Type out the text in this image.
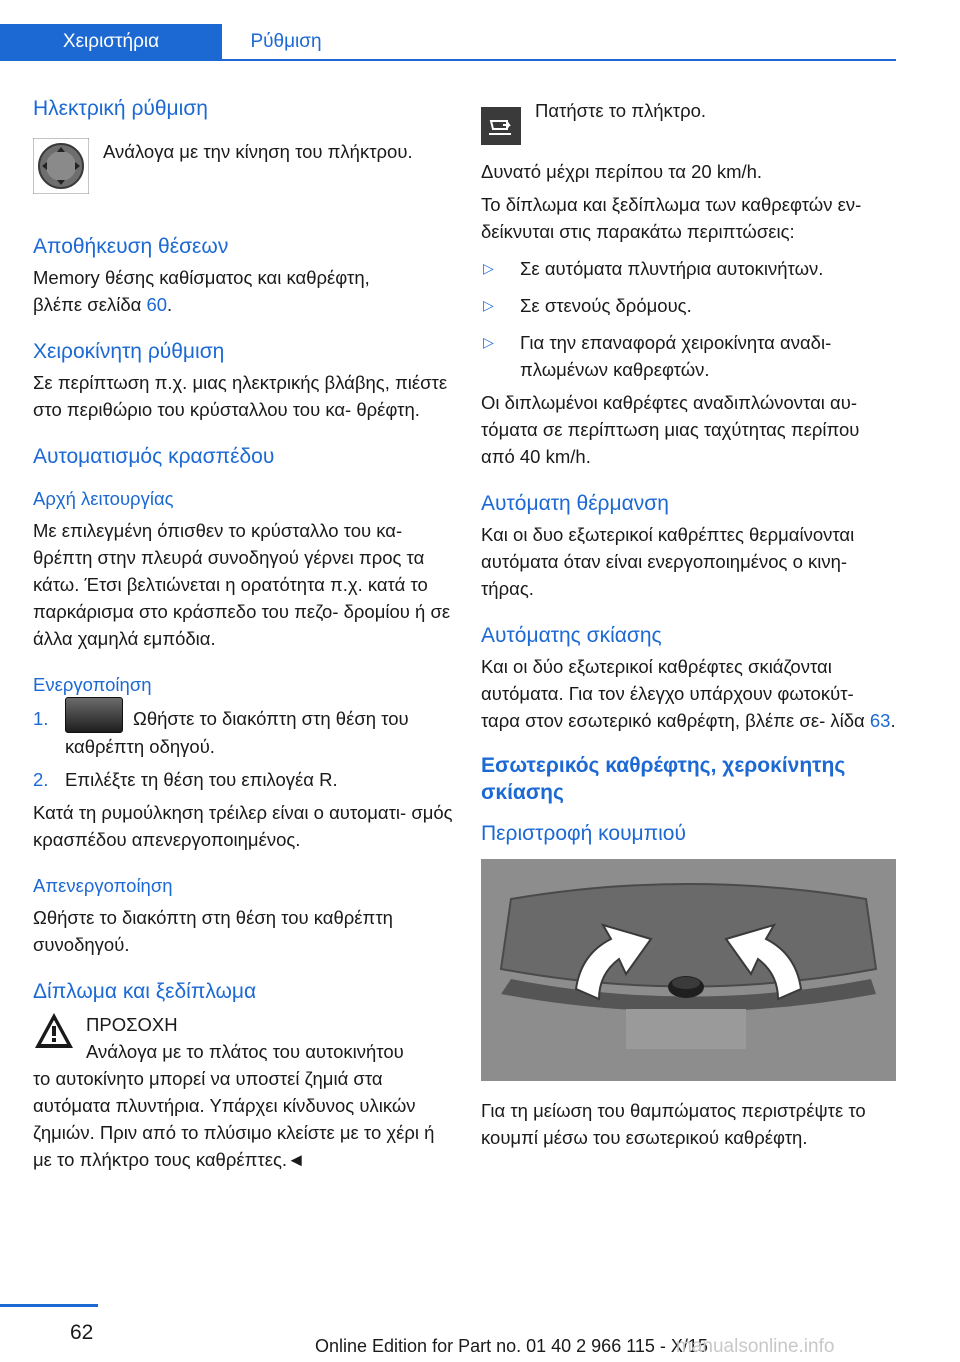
Χειριστήρια	Ρύθμιση
Ηλεκτρική ρύθμιση
Ανάλογα με την κίνηση του πλήκτρου.
Αποθήκευση θέσεων
Memory θέσης καθίσματος και καθρέφτη,
βλέπε σελίδα 60.
Χειροκίνητη ρύθμιση
Σε περίπτωση π.χ. μιας ηλεκτρικής βλάβης, πιέστε στο περιθώριο του κρύσταλλου του κα‐ θρέφτη.
Αυτοματισμός κρασπέδου
Αρχή λειτουργίας
Με επιλεγμένη όπισθεν το κρύσταλλο του κα‐ θρέπτη στην πλευρά συνοδηγού γέρνει προς τα κάτω. Έτσι βελτιώνεται η ορατότητα π.χ. κατά το παρκάρισμα στο κράσπεδο του πεζο‐ δρομίου ή σε άλλα χαμηλά εμπόδια.
Ενεργοποίηση
1.	Ωθήστε το διακόπτη στη θέση του καθρέπτη οδηγού.
2. Επιλέξτε τη θέση του επιλογέα R.
Κατά τη ρυμούλκηση τρέιλερ είναι ο αυτοματι‐ σμός κρασπέδου απενεργοποιημένος.
Απενεργοποίηση
Ωθήστε το διακόπτη στη θέση του καθρέπτη συνοδηγού.
Δίπλωμα και ξεδίπλωμα
ΠΡΟΣΟΧΗ
Ανάλογα με το πλάτος του αυτοκινήτου
το αυτοκίνητο μπορεί να υποστεί ζημιά στα αυτόματα πλυντήρια. Υπάρχει κίνδυνος υλικών ζημιών. Πριν από το πλύσιμο κλείστε με το χέρι ή με το πλήκτρο τους καθρέπτες.◄
Πατήστε το πλήκτρο.
Δυνατό μέχρι περίπου τα 20 km/h.
Το δίπλωμα και ξεδίπλωμα των καθρεφτών εν‐ δείκνυται στις παρακάτω περιπτώσεις:
▷	Σε αυτόματα πλυντήρια αυτοκινήτων.
▷	Σε στενούς δρόμους.
▷	Για την επαναφορά χειροκίνητα αναδι‐ πλωμένων καθρεφτών.
Οι διπλωμένοι καθρέφτες αναδιπλώνονται αυ‐ τόματα σε περίπτωση μιας ταχύτητας περίπου από 40 km/h.
Αυτόματη θέρμανση
Και οι δυο εξωτερικοί καθρέπτες θερμαίνονται αυτόματα όταν είναι ενεργοποιημένος ο κινη‐ τήρας.
Αυτόματης σκίασης
Και οι δύο εξωτερικοί καθρέφτες σκιάζονται αυτόματα. Για τον έλεγχο υπάρχουν φωτοκύτ‐ ταρα στον εσωτερικό καθρέφτη, βλέπε σε‐ λίδα 63.
Εσωτερικός καθρέφτης, χεροκίνητης σκίασης
Περιστροφή κουμπιού
Για τη μείωση του θαμπώματος περιστρέψτε το κουμπί μέσω του εσωτερικού καθρέφτη.
62
Online Edition for Part no. 01 40 2 966 115 - X/15
manualsonline.info
